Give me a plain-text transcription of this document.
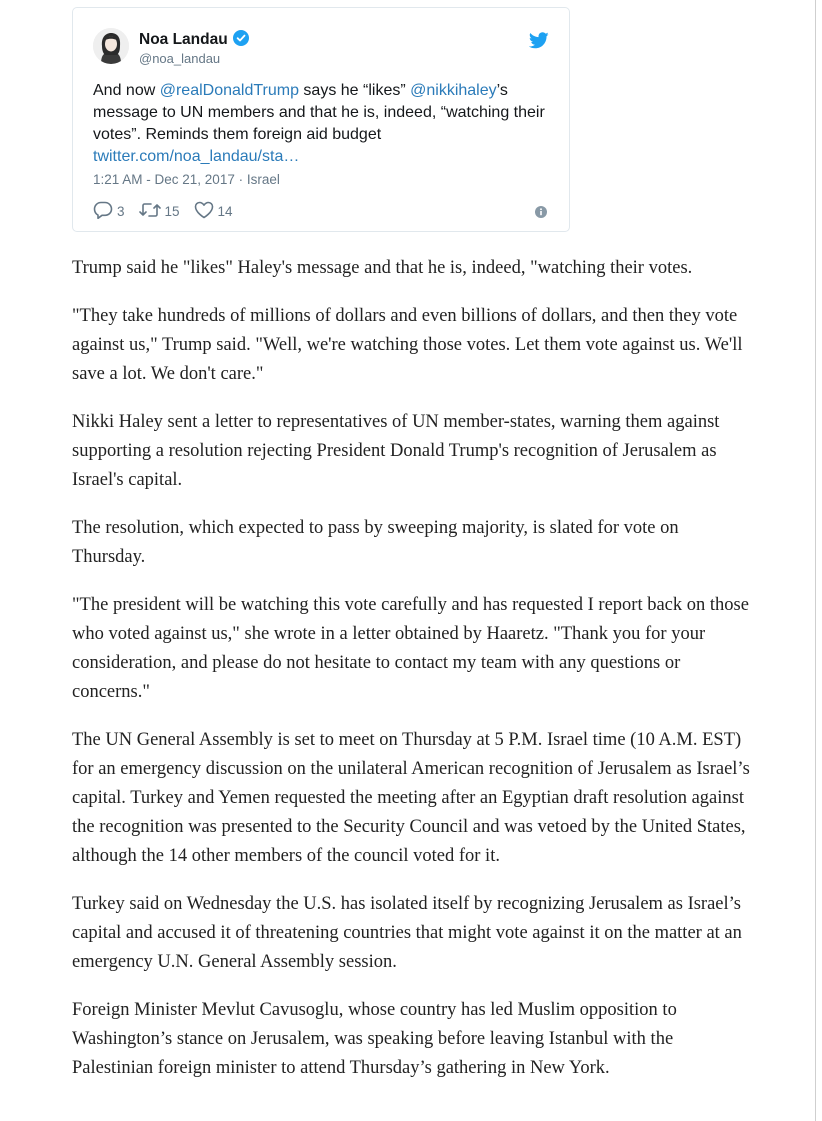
Noa Landau
@noa_landau
And now @realDonaldTrump says he “likes” @nikkihaley’s message to UN members and that he is, indeed, “watching their votes”. Reminds them foreign aid budget
twitter.com/noa_landau/sta…
1:21 AM - Dec 21, 2017 · Israel
3	15	14

Trump said he "likes" Haley's message and that he is, indeed, "watching their votes.

"They take hundreds of millions of dollars and even billions of dollars, and then they vote against us," Trump said. "Well, we're watching those votes. Let them vote against us. We'll save a lot. We don't care."

Nikki Haley sent a letter to representatives of UN member-states, warning them against supporting a resolution rejecting President Donald Trump's recognition of Jerusalem as Israel's capital.

The resolution, which expected to pass by sweeping majority, is slated for vote on Thursday.

"The president will be watching this vote carefully and has requested I report back on those who voted against us," she wrote in a letter obtained by Haaretz. "Thank you for your consideration, and please do not hesitate to contact my team with any questions or concerns."

The UN General Assembly is set to meet on Thursday at 5 P.M. Israel time (10 A.M. EST) for an emergency discussion on the unilateral American recognition of Jerusalem as Israel’s capital. Turkey and Yemen requested the meeting after an Egyptian draft resolution against the recognition was presented to the Security Council and was vetoed by the United States, although the 14 other members of the council voted for it.

Turkey said on Wednesday the U.S. has isolated itself by recognizing Jerusalem as Israel’s capital and accused it of threatening countries that might vote against it on the matter at an emergency U.N. General Assembly session.

Foreign Minister Mevlut Cavusoglu, whose country has led Muslim opposition to Washington’s stance on Jerusalem, was speaking before leaving Istanbul with the Palestinian foreign minister to attend Thursday’s gathering in New York.
